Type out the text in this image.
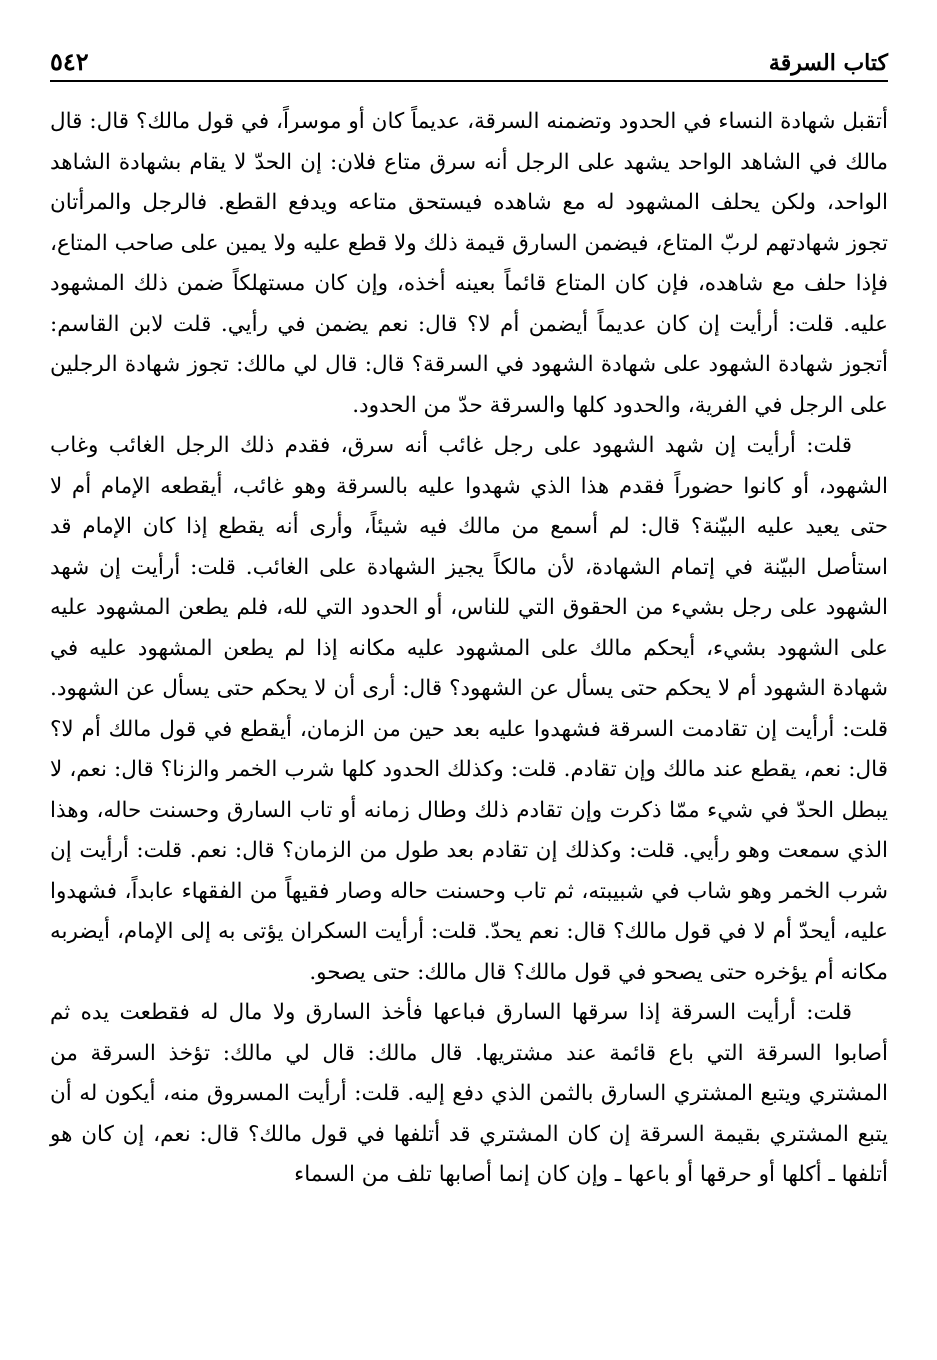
٥٤٢	كتاب السرقة

أتقبل شهادة النساء في الحدود وتضمنه السرقة، عديماً كان أو موسراً، في قول مالك؟ قال: قال مالك في الشاهد الواحد يشهد على الرجل أنه سرق متاع فلان: إن الحدّ لا يقام بشهادة الشاهد الواحد، ولكن يحلف المشهود له مع شاهده فيستحق متاعه ويدفع القطع. فالرجل والمرأتان تجوز شهادتهم لربّ المتاع، فيضمن السارق قيمة ذلك ولا قطع عليه ولا يمين على صاحب المتاع، فإذا حلف مع شاهده، فإن كان المتاع قائماً بعينه أخذه، وإن كان مستهلكاً ضمن ذلك المشهود عليه. قلت: أرأيت إن كان عديماً أيضمن أم لا؟ قال: نعم يضمن في رأيي. قلت لابن القاسم: أتجوز شهادة الشهود على شهادة الشهود في السرقة؟ قال: قال لي مالك: تجوز شهادة الرجلين على الرجل في الفرية، والحدود كلها والسرقة حدّ من الحدود.

قلت: أرأيت إن شهد الشهود على رجل غائب أنه سرق، فقدم ذلك الرجل الغائب وغاب الشهود، أو كانوا حضوراً فقدم هذا الذي شهدوا عليه بالسرقة وهو غائب، أيقطعه الإمام أم لا حتى يعيد عليه البيّنة؟ قال: لم أسمع من مالك فيه شيئاً، وأرى أنه يقطع إذا كان الإمام قد استأصل البيّنة في إتمام الشهادة، لأن مالكاً يجيز الشهادة على الغائب. قلت: أرأيت إن شهد الشهود على رجل بشيء من الحقوق التي للناس، أو الحدود التي لله، فلم يطعن المشهود عليه على الشهود بشيء، أيحكم مالك على المشهود عليه مكانه إذا لم يطعن المشهود عليه في شهادة الشهود أم لا يحكم حتى يسأل عن الشهود؟ قال: أرى أن لا يحكم حتى يسأل عن الشهود. قلت: أرأيت إن تقادمت السرقة فشهدوا عليه بعد حين من الزمان، أيقطع في قول مالك أم لا؟ قال: نعم، يقطع عند مالك وإن تقادم. قلت: وكذلك الحدود كلها شرب الخمر والزنا؟ قال: نعم، لا يبطل الحدّ في شيء ممّا ذكرت وإن تقادم ذلك وطال زمانه أو تاب السارق وحسنت حاله، وهذا الذي سمعت وهو رأيي. قلت: وكذلك إن تقادم بعد طول من الزمان؟ قال: نعم. قلت: أرأيت إن شرب الخمر وهو شاب في شبيبته، ثم تاب وحسنت حاله وصار فقيهاً من الفقهاء عابداً، فشهدوا عليه، أيحدّ أم لا في قول مالك؟ قال: نعم يحدّ. قلت: أرأيت السكران يؤتى به إلى الإمام، أيضربه مكانه أم يؤخره حتى يصحو في قول مالك؟ قال مالك: حتى يصحو.

قلت: أرأيت السرقة إذا سرقها السارق فباعها فأخذ السارق ولا مال له فقطعت يده ثم أصابوا السرقة التي باع قائمة عند مشتريها. قال مالك: قال لي مالك: تؤخذ السرقة من المشتري ويتبع المشتري السارق بالثمن الذي دفع إليه. قلت: أرأيت المسروق منه، أيكون له أن يتبع المشتري بقيمة السرقة إن كان المشتري قد أتلفها في قول مالك؟ قال: نعم، إن كان هو أتلفها ـ أكلها أو حرقها أو باعها ـ وإن كان إنما أصابها تلف من السماء
